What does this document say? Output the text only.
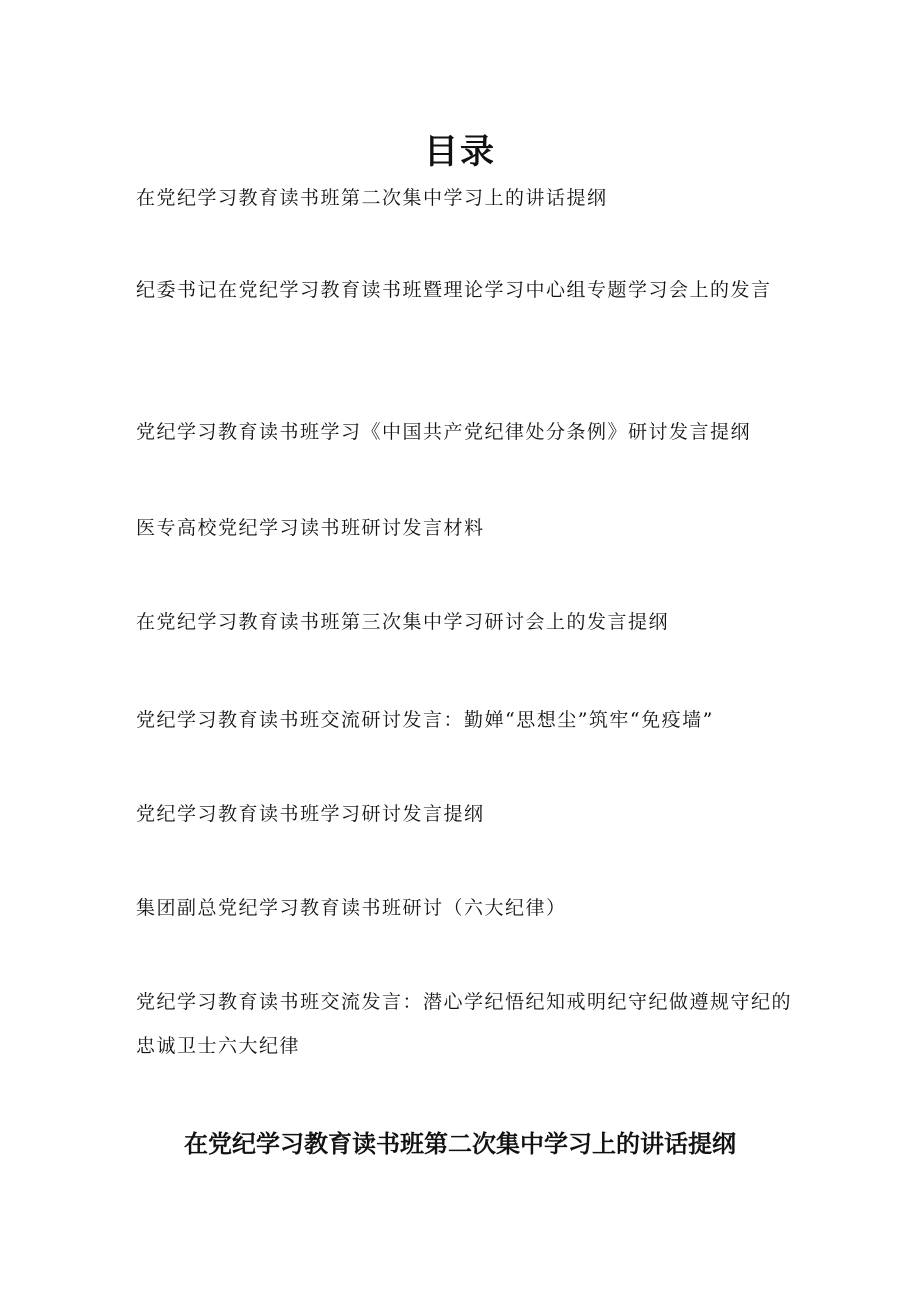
目录
在党纪学习教育读书班第二次集中学习上的讲话提纲
纪委书记在党纪学习教育读书班暨理论学习中心组专题学习会上的发言
党纪学习教育读书班学习《中国共产党纪律处分条例》研讨发言提纲
医专高校党纪学习读书班研讨发言材料
在党纪学习教育读书班第三次集中学习研讨会上的发言提纲
党纪学习教育读书班交流研讨发言：勤婵“思想尘”筑牢“免疫墙”
党纪学习教育读书班学习研讨发言提纲
集团副总党纪学习教育读书班研讨（六大纪律）
党纪学习教育读书班交流发言：潜心学纪悟纪知戒明纪守纪做遵规守纪的忠诚卫士六大纪律
在党纪学习教育读书班第二次集中学习上的讲话提纲
